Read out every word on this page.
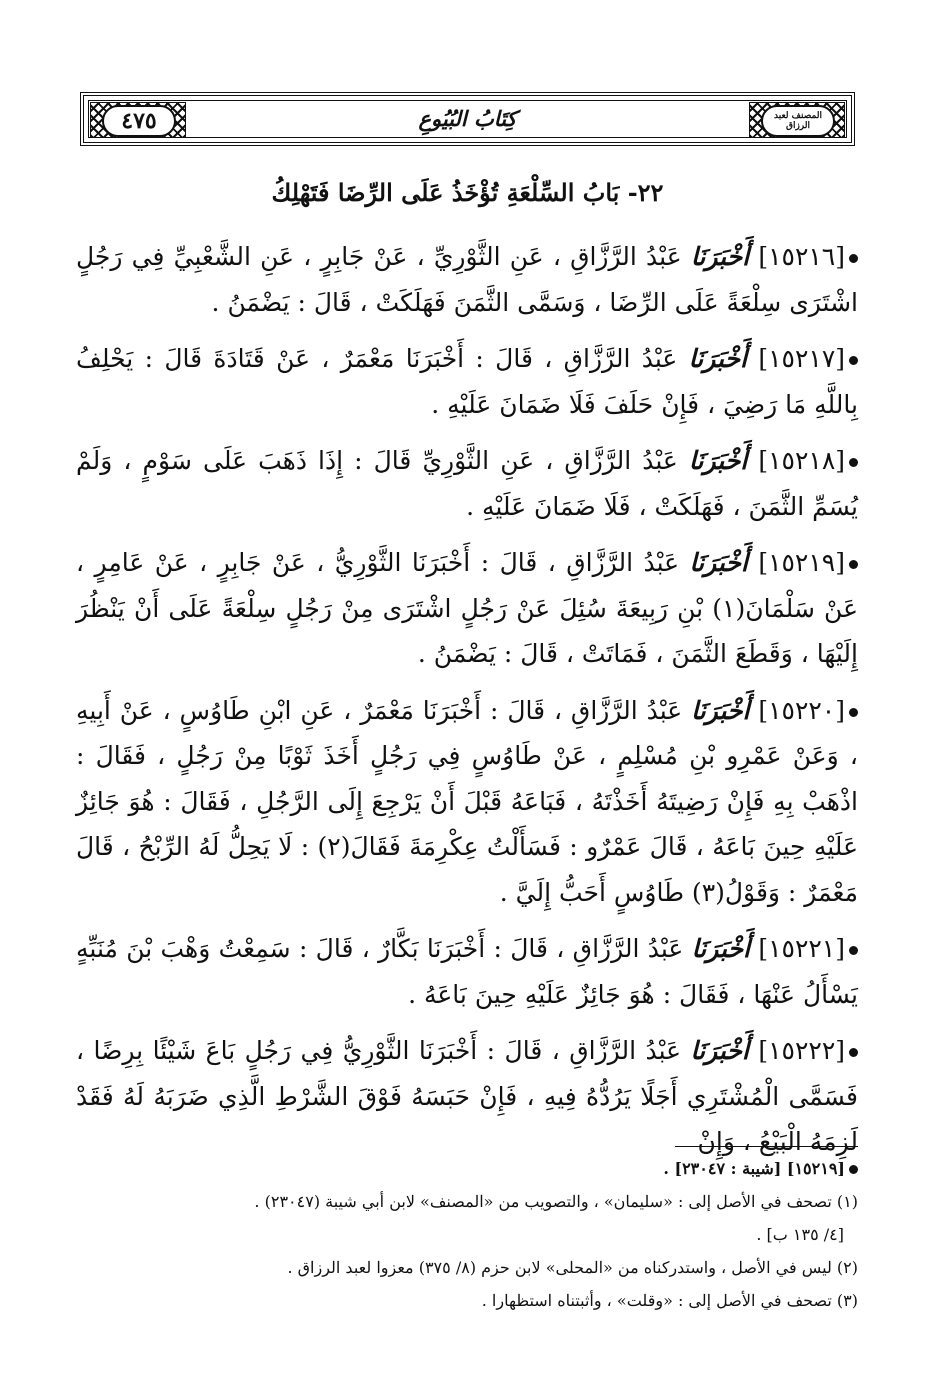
٤٧٥	كِتَابُ البُيُوعِ	المصنف لعبد الرزاق
٢٢- بَابُ السِّلْعَةِ تُؤْخَذُ عَلَى الرِّضَا فَتَهْلِكُ

[١٥٢١٦] أَخْبَرَنَا عَبْدُ الرَّزَّاقِ ، عَنِ الثَّوْرِيِّ ، عَنْ جَابِرٍ ، عَنِ الشَّعْبِيِّ فِي رَجُلٍ اشْتَرَى سِلْعَةً عَلَى الرِّضَا ، وَسَمَّى الثَّمَنَ فَهَلَكَتْ ، قَالَ : يَضْمَنُ .

[١٥٢١٧] أَخْبَرَنَا عَبْدُ الرَّزَّاقِ ، قَالَ : أَخْبَرَنَا مَعْمَرٌ ، عَنْ قَتَادَةَ قَالَ : يَحْلِفُ بِاللَّهِ مَا رَضِيَ ، فَإِنْ حَلَفَ فَلَا ضَمَانَ عَلَيْهِ .

[١٥٢١٨] أَخْبَرَنَا عَبْدُ الرَّزَّاقِ ، عَنِ الثَّوْرِيِّ قَالَ : إِذَا ذَهَبَ عَلَى سَوْمٍ ، وَلَمْ يُسَمِّ الثَّمَنَ ، فَهَلَكَتْ ، فَلَا ضَمَانَ عَلَيْهِ .

[١٥٢١٩] أَخْبَرَنَا عَبْدُ الرَّزَّاقِ ، قَالَ : أَخْبَرَنَا الثَّوْرِيُّ ، عَنْ جَابِرٍ ، عَنْ عَامِرٍ ، عَنْ سَلْمَانَ(١) بْنِ رَبِيعَةَ سُئِلَ عَنْ رَجُلٍ اشْتَرَى مِنْ رَجُلٍ سِلْعَةً عَلَى أَنْ يَنْظُرَ إِلَيْهَا ، وَقَطَعَ الثَّمَنَ ، فَمَاتَتْ ، قَالَ : يَضْمَنُ .

[١٥٢٢٠] أَخْبَرَنَا عَبْدُ الرَّزَّاقِ ، قَالَ : أَخْبَرَنَا مَعْمَرٌ ، عَنِ ابْنِ طَاوُسٍ ، عَنْ أَبِيهِ ، وَعَنْ عَمْرِو بْنِ مُسْلِمٍ ، عَنْ طَاوُسٍ فِي رَجُلٍ أَخَذَ ثَوْبًا مِنْ رَجُلٍ ، فَقَالَ : اذْهَبْ بِهِ فَإِنْ رَضِيتَهُ أَخَذْتَهُ ، فَبَاعَهُ قَبْلَ أَنْ يَرْجِعَ إِلَى الرَّجُلِ ، فَقَالَ : هُوَ جَائِزٌ عَلَيْهِ حِينَ بَاعَهُ ، قَالَ عَمْرٌو : فَسَأَلْتُ عِكْرِمَةَ فَقَالَ(٢) : لَا يَحِلُّ لَهُ الرِّبْحُ ، قَالَ مَعْمَرٌ : وَقَوْلُ(٣) طَاوُسٍ أَحَبُّ إِلَيَّ .

[١٥٢٢١] أَخْبَرَنَا عَبْدُ الرَّزَّاقِ ، قَالَ : أَخْبَرَنَا بَكَّارٌ ، قَالَ : سَمِعْتُ وَهْبَ بْنَ مُنَبِّهٍ يَسْأَلُ عَنْهَا ، فَقَالَ : هُوَ جَائِزٌ عَلَيْهِ حِينَ بَاعَهُ .

[١٥٢٢٢] أَخْبَرَنَا عَبْدُ الرَّزَّاقِ ، قَالَ : أَخْبَرَنَا الثَّوْرِيُّ فِي رَجُلٍ بَاعَ شَيْئًا بِرِضًا ، فَسَمَّى الْمُشْتَرِي أَجَلًا يَرُدُّهُ فِيهِ ، فَإِنْ حَبَسَهُ فَوْقَ الشَّرْطِ الَّذِي ضَرَبَهُ لَهُ فَقَدْ لَزِمَهُ الْبَيْعُ ، وَإِنْ

[١٥٢١٩] [شيبة : ٢٣٠٤٧] .
(١) تصحف في الأصل إلى : «سليمان» ، والتصويب من «المصنف» لابن أبي شيبة (٢٣٠٤٧) .
[٤/ ١٣٥ ب] .
(٢) ليس في الأصل ، واستدركناه من «المحلى» لابن حزم (٨/ ٣٧٥) معزوا لعبد الرزاق .
(٣) تصحف في الأصل إلى : «وقلت» ، وأثبتناه استظهارا .
